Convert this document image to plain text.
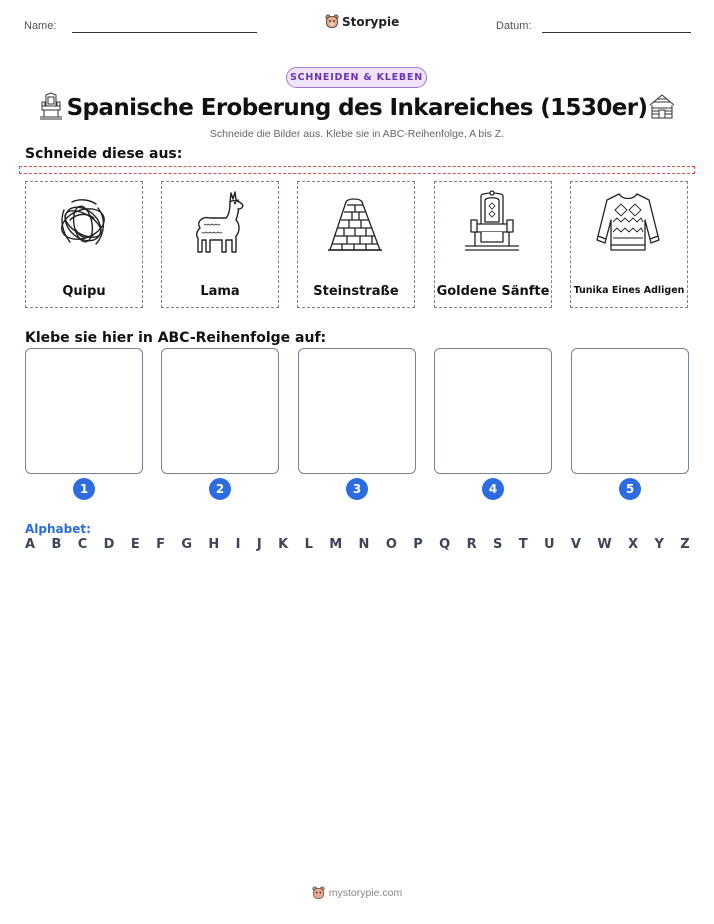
Name:	Storypie	Datum:
SCHNEIDEN & KLEBEN
Spanische Eroberung des Inkareiches (1530er)
Schneide die Bilder aus. Klebe sie in ABC-Reihenfolge, A bis Z.
Schneide diese aus:
Quipu	Lama	Steinstraße	Goldene Sänfte	Tunika Eines Adligen
Klebe sie hier in ABC-Reihenfolge auf:
1	2	3	4	5
Alphabet:
A B C D E F G H I J K L M N O P Q R S T U V W X Y Z
mystorypie.com
